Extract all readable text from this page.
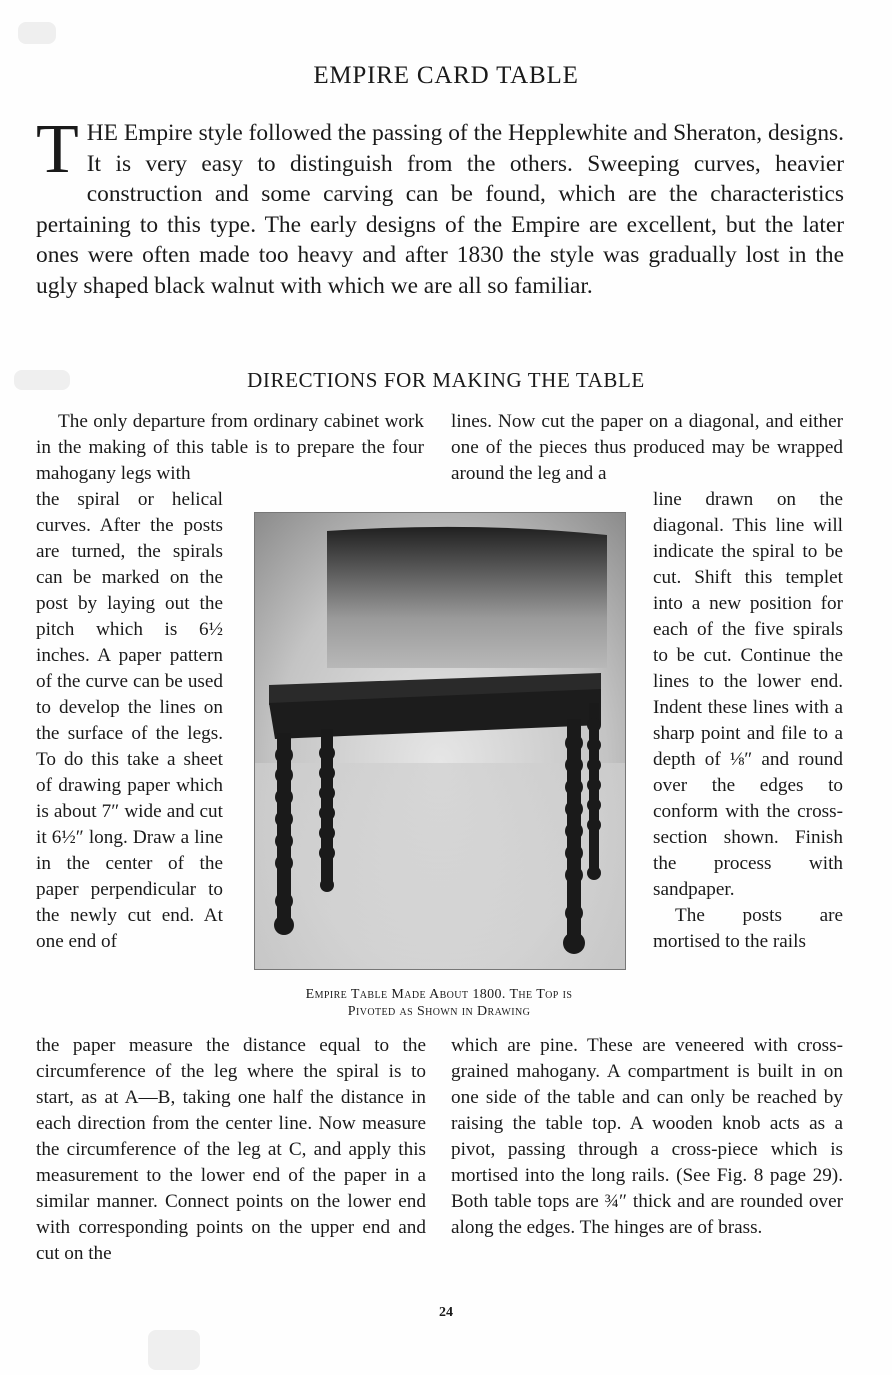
EMPIRE CARD TABLE
THE Empire style followed the passing of the Hepplewhite and Sheraton, designs. It is very easy to distinguish from the others. Sweeping curves, heavier construction and some carving can be found, which are the characteristics pertaining to this type. The early designs of the Empire are excellent, but the later ones were often made too heavy and after 1830 the style was gradually lost in the ugly shaped black walnut with which we are all so familiar.
DIRECTIONS FOR MAKING THE TABLE

The only departure from ordinary cabinet work in the making of this table is to prepare the four mahogany legs with

the spiral or helical curves. After the posts are turned, the spirals can be marked on the post by laying out the pitch which is 6½ inches. A paper pattern of the curve can be used to develop the lines on the surface of the legs. To do this take a sheet of drawing paper which is about 7″ wide and cut it 6½″ long. Draw a line in the center of the paper perpendicular to the newly cut end. At one end of

the paper measure the distance equal to the circumference of the leg where the spiral is to start, as at A—B, taking one half the distance in each direction from the center line. Now measure the circumference of the leg at C, and apply this measurement to the lower end of the paper in a similar manner. Connect points on the lower end with corresponding points on the upper end and cut on the

lines. Now cut the paper on a diagonal, and either one of the pieces thus produced may be wrapped around the leg and a

line drawn on the diagonal. This line will indicate the spiral to be cut. Shift this templet into a new position for each of the five spirals to be cut. Continue the lines to the lower end. Indent these lines with a sharp point and file to a depth of ⅛″ and round over the edges to conform with the cross-section shown. Finish the process with sandpaper.

The posts are mortised to the rails

which are pine. These are veneered with cross-grained mahogany. A compartment is built in on one side of the table and can only be reached by raising the table top. A wooden knob acts as a pivot, passing through a cross-piece which is mortised into the long rails. (See Fig. 8 page 29). Both table tops are ¾″ thick and are rounded over along the edges. The hinges are of brass.

Empire Table Made About 1800. The Top is
Pivoted as Shown in Drawing
24
